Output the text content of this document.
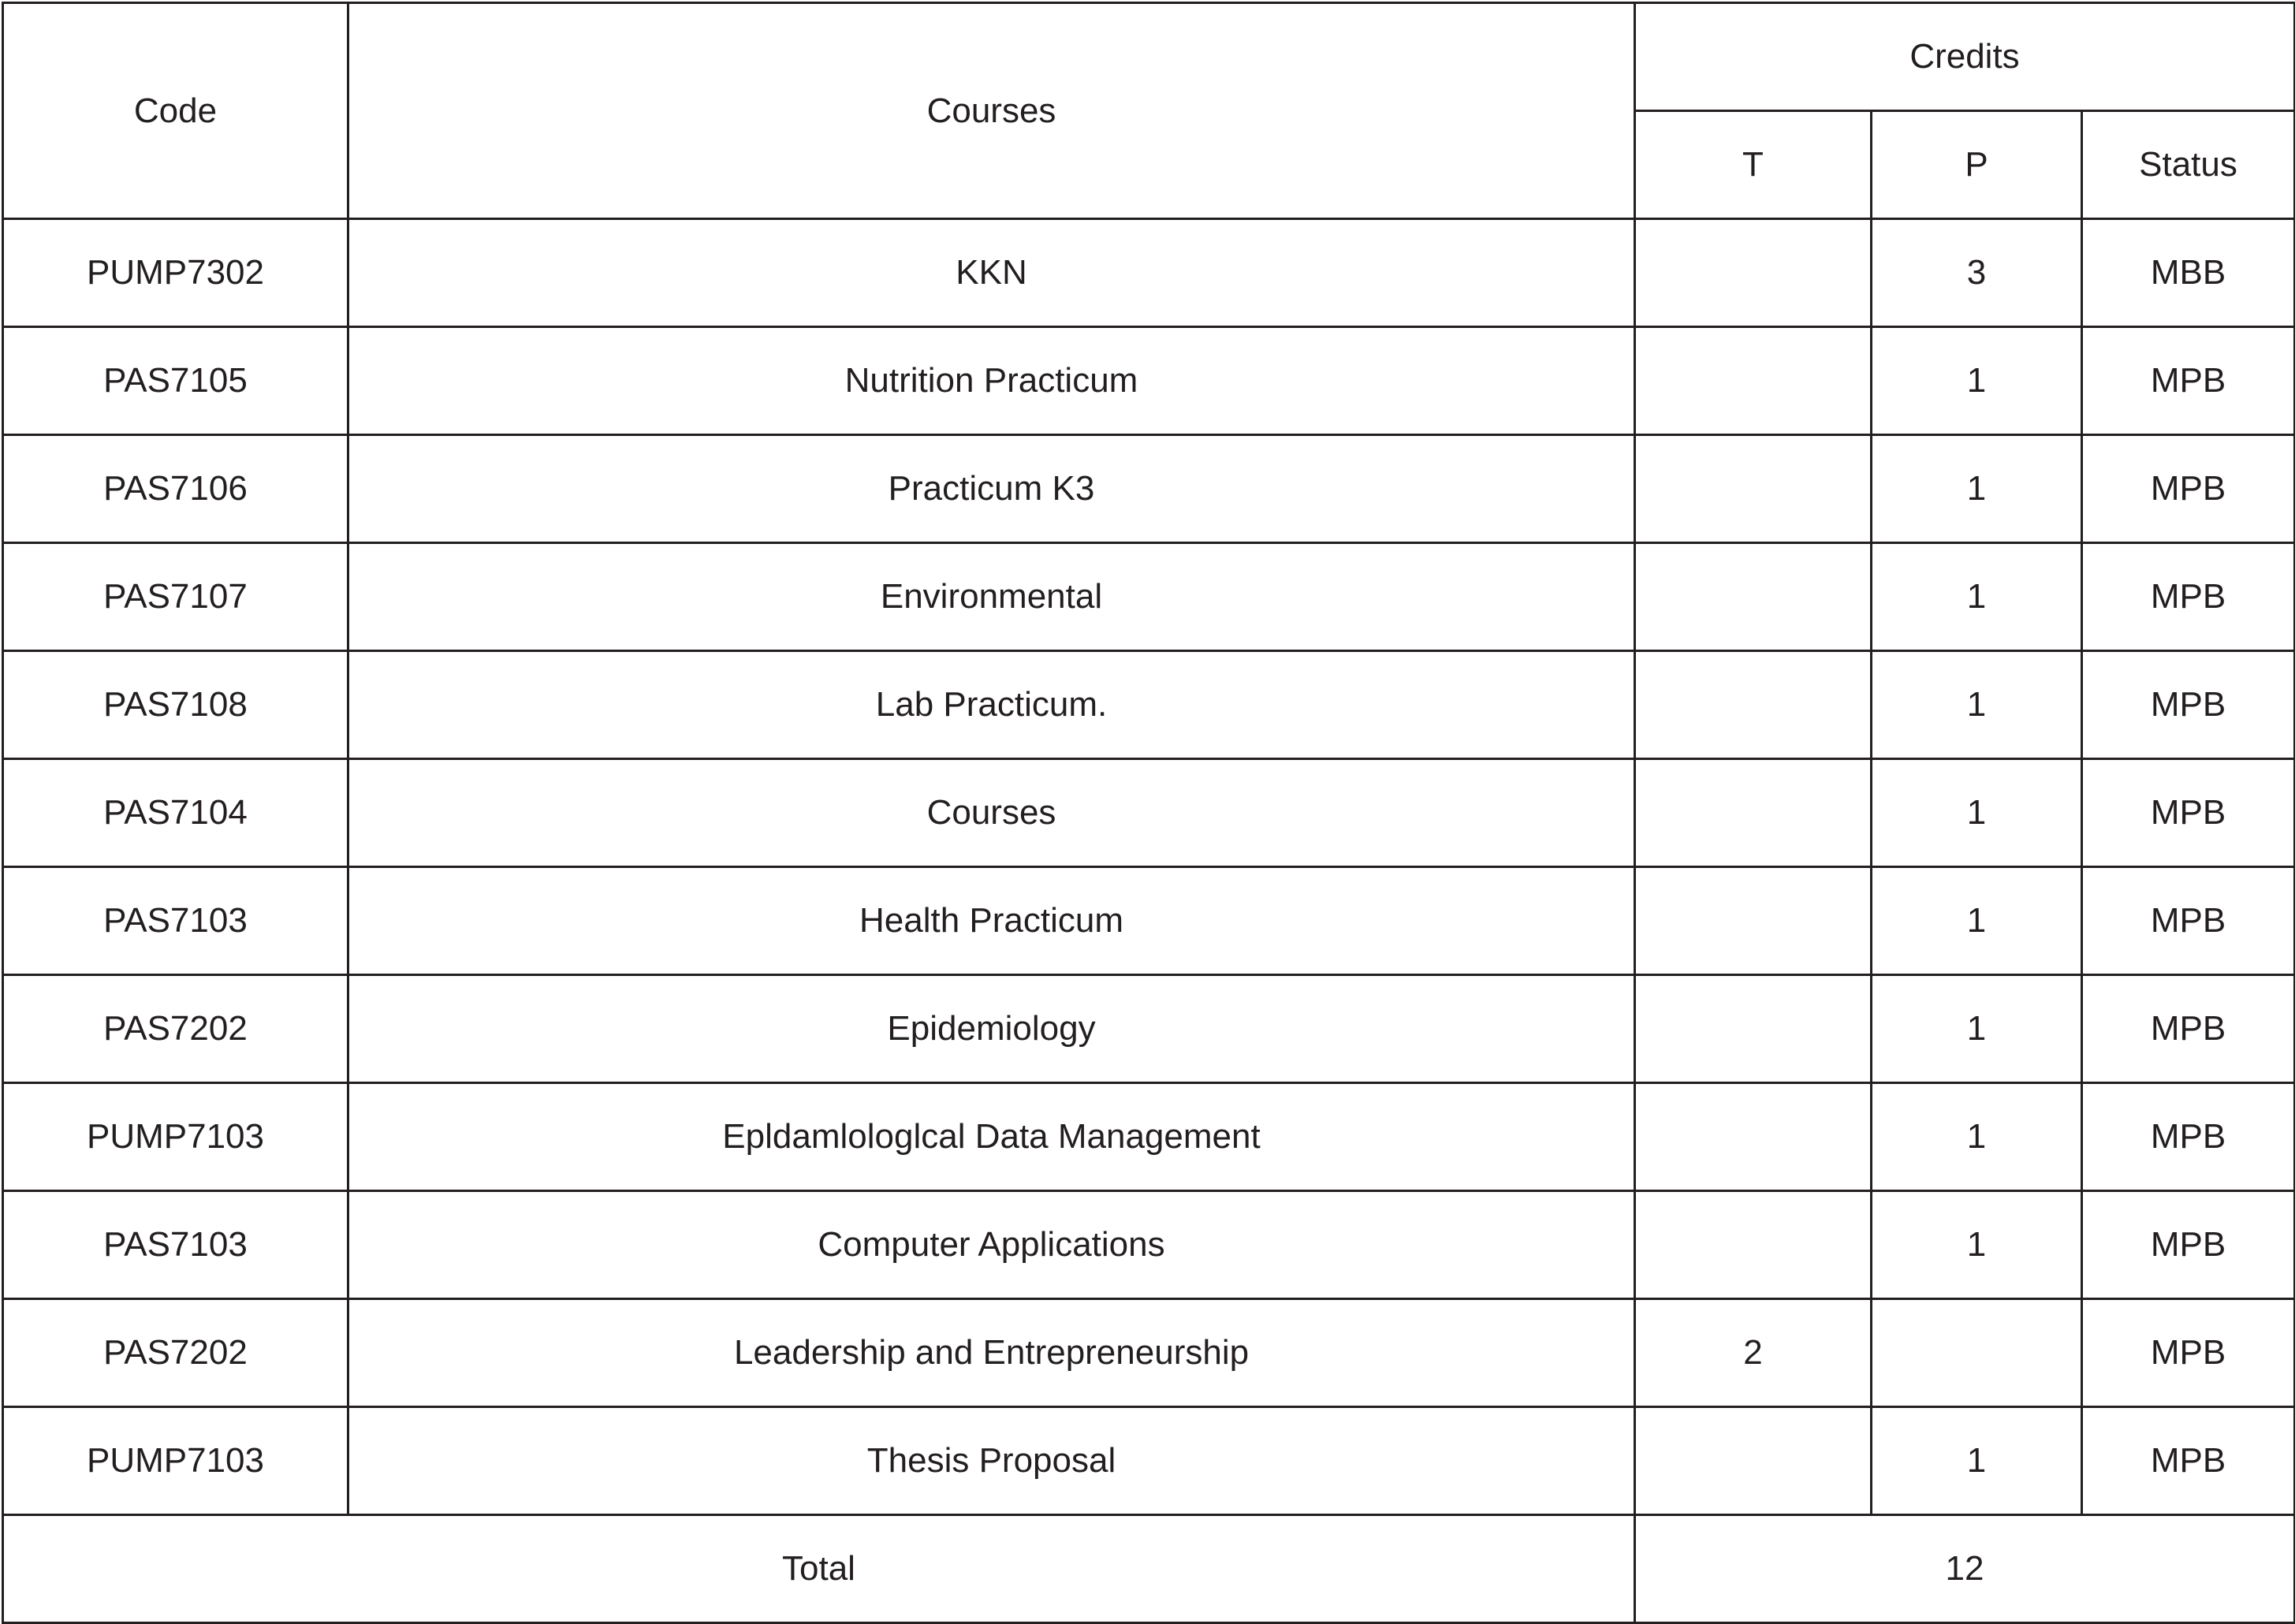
Code	Courses	Credits		
		T	P	Status
PUMP7302	KKN		3	MBB
PAS7105	Nutrition Practicum		1	MPB
PAS7106	Practicum K3		1	MPB
PAS7107	Environmental		1	MPB
PAS7108	Lab Practicum.		1	MPB
PAS7104	Courses		1	MPB
PAS7103	Health Practicum		1	MPB
PAS7202	Epidemiology		1	MPB
PUMP7103	Epldamlologlcal Data Management		1	MPB
PAS7103	Computer Applications		1	MPB
PAS7202	Leadership and Entrepreneurship	2		MPB
PUMP7103	Thesis Proposal		1	MPB
Total		12		
